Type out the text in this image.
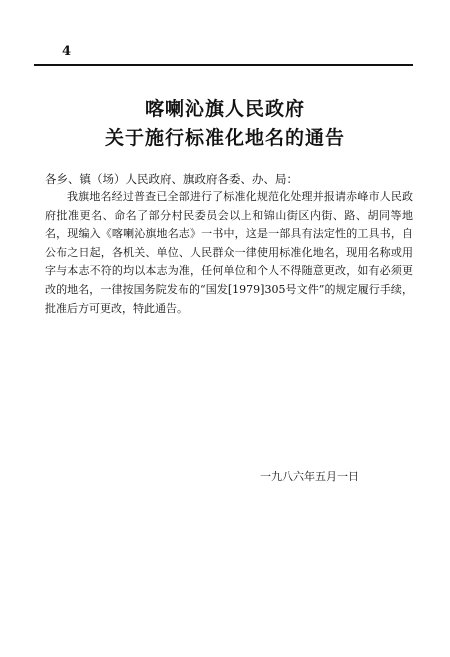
4
喀喇沁旗人民政府
关于施行标准化地名的通告
各乡、镇（场）人民政府、旗政府各委、办、局：

我旗地名经过普查已全部进行了标准化规范化处理并报请赤峰市人民政府批准更名、命名了部分村民委员会以上和锦山街区内街、路、胡同等地名，现编入《喀喇沁旗地名志》一书中，这是一部具有法定性的工具书，自公布之日起，各机关、单位、人民群众一律使用标准化地名，现用名称或用字与本志不符的均以本志为准，任何单位和个人不得随意更改，如有必须更改的地名，一律按国务院发布的“国发[1979]305号文件”的规定履行手续，批准后方可更改，特此通告。

一九八六年五月一日
